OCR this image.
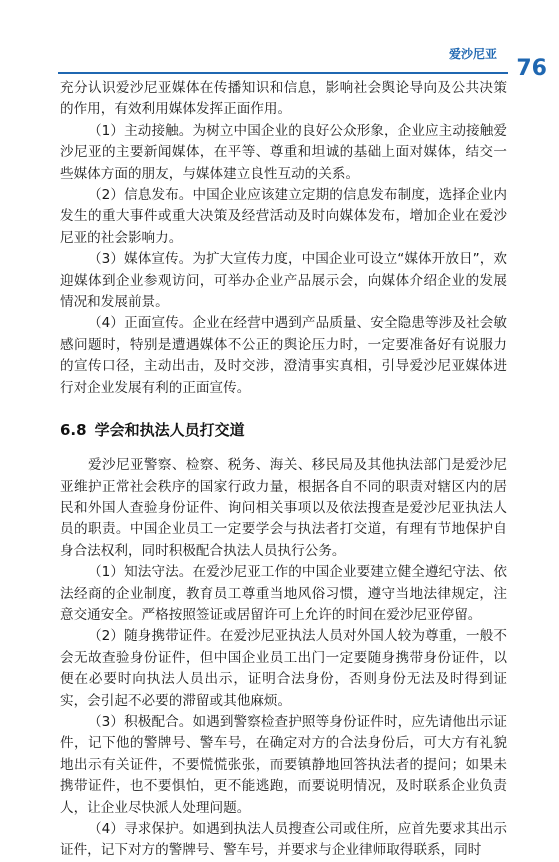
爱沙尼亚
76

充分认识爱沙尼亚媒体在传播知识和信息，影响社会舆论导向及公共决策的作用，有效利用媒体发挥正面作用。

（1）主动接触。为树立中国企业的良好公众形象，企业应主动接触爱沙尼亚的主要新闻媒体，在平等、尊重和坦诚的基础上面对媒体，结交一些媒体方面的朋友，与媒体建立良性互动的关系。

（2）信息发布。中国企业应该建立定期的信息发布制度，选择企业内发生的重大事件或重大决策及经营活动及时向媒体发布，增加企业在爱沙尼亚的社会影响力。

（3）媒体宣传。为扩大宣传力度，中国企业可设立“媒体开放日”，欢迎媒体到企业参观访问，可举办企业产品展示会，向媒体介绍企业的发展情况和发展前景。

（4）正面宣传。企业在经营中遇到产品质量、安全隐患等涉及社会敏感问题时，特别是遭遇媒体不公正的舆论压力时，一定要准备好有说服力的宣传口径，主动出击，及时交涉，澄清事实真相，引导爱沙尼亚媒体进行对企业发展有利的正面宣传。

6.8 学会和执法人员打交道

爱沙尼亚警察、检察、税务、海关、移民局及其他执法部门是爱沙尼亚维护正常社会秩序的国家行政力量，根据各自不同的职责对辖区内的居民和外国人查验身份证件、询问相关事项以及依法搜查是爱沙尼亚执法人员的职责。中国企业员工一定要学会与执法者打交道，有理有节地保护自身合法权利，同时积极配合执法人员执行公务。

（1）知法守法。在爱沙尼亚工作的中国企业要建立健全遵纪守法、依法经商的企业制度，教育员工尊重当地风俗习惯，遵守当地法律规定，注意交通安全。严格按照签证或居留许可上允许的时间在爱沙尼亚停留。

（2）随身携带证件。在爱沙尼亚执法人员对外国人较为尊重，一般不会无故查验身份证件，但中国企业员工出门一定要随身携带身份证件，以便在必要时向执法人员出示，证明合法身份，否则身份无法及时得到证实，会引起不必要的滞留或其他麻烦。

（3）积极配合。如遇到警察检查护照等身份证件时，应先请他出示证件，记下他的警牌号、警车号，在确定对方的合法身份后，可大方有礼貌地出示有关证件，不要慌慌张张，而要镇静地回答执法者的提问；如果未携带证件，也不要惧怕，更不能逃跑，而要说明情况，及时联系企业负责人，让企业尽快派人处理问题。

（4）寻求保护。如遇到执法人员搜查公司或住所，应首先要求其出示证件，记下对方的警牌号、警车号，并要求与企业律师取得联系，同时
